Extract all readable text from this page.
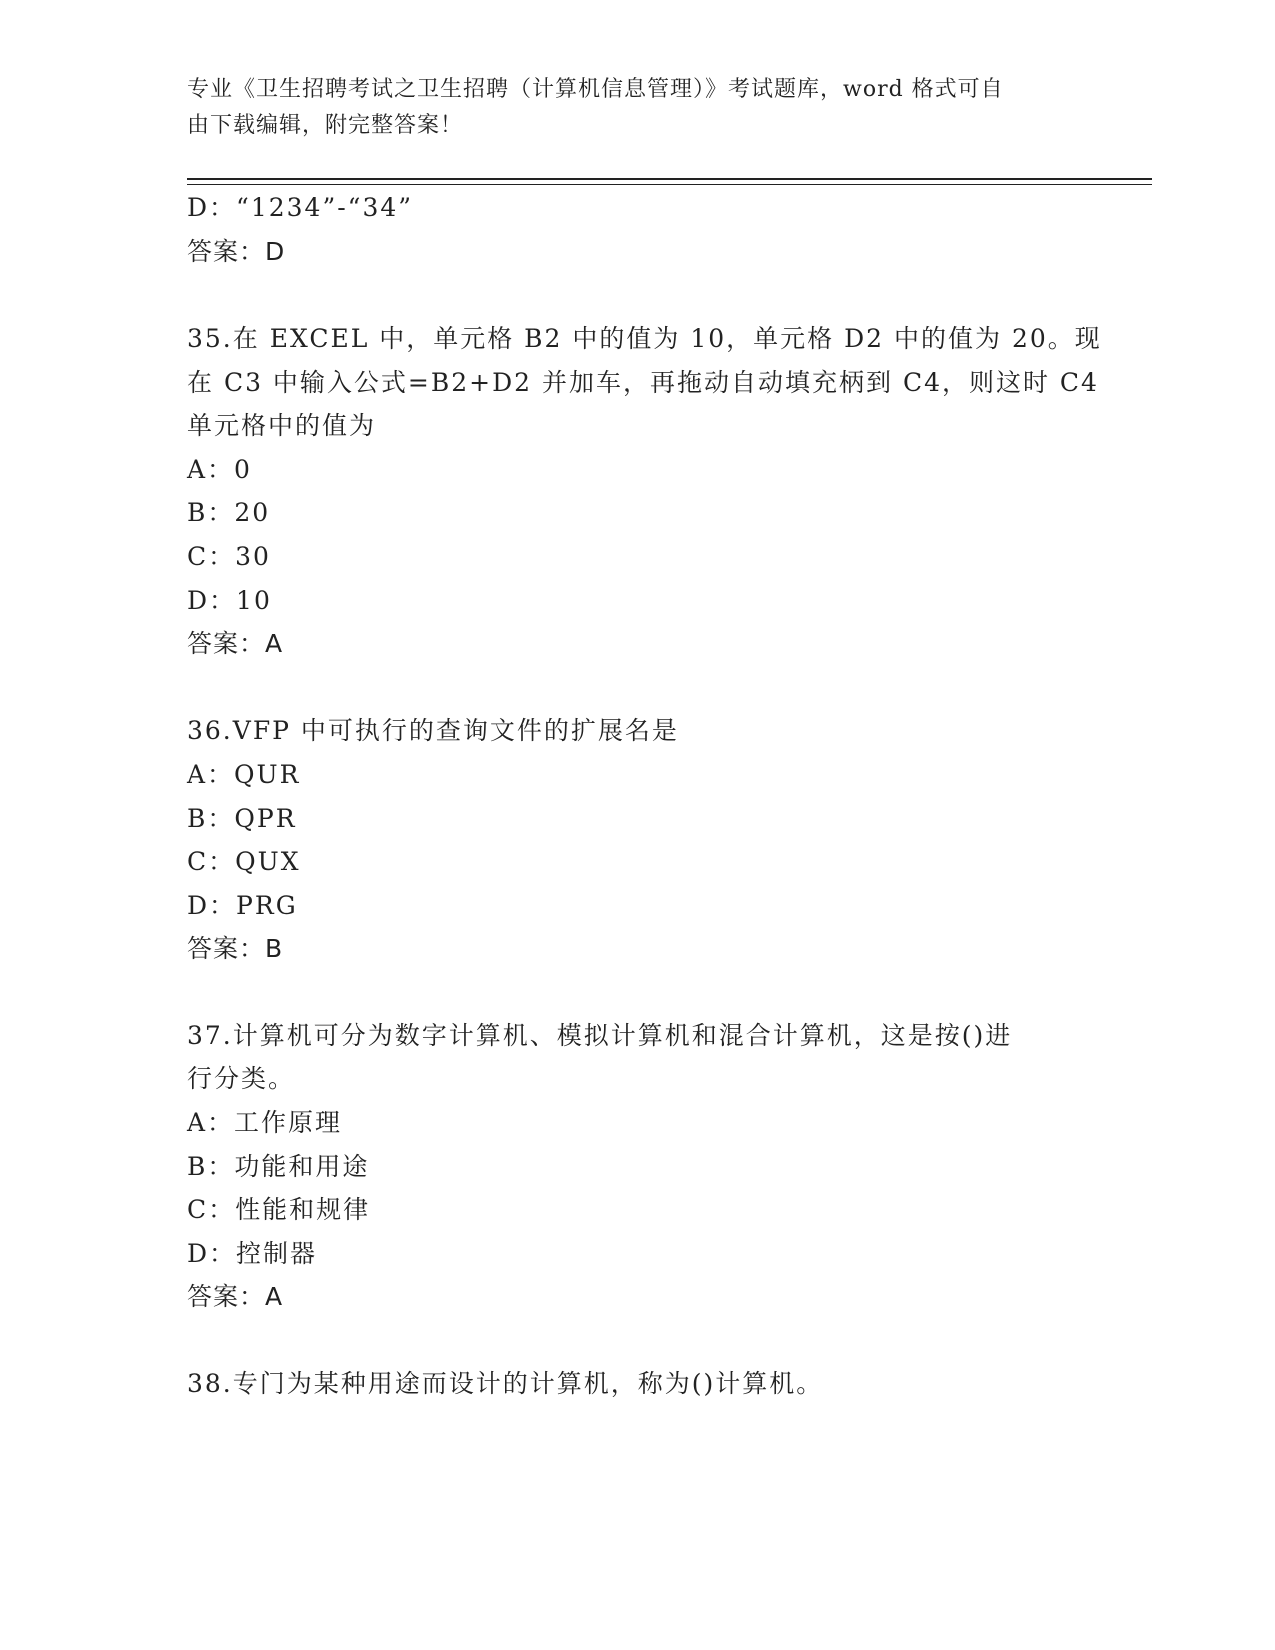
专业《卫生招聘考试之卫生招聘（计算机信息管理）》考试题库，word 格式可自
由下载编辑，附完整答案！
D：“1234”-“34”
答案：D
35.在 EXCEL 中，单元格 B2 中的值为 10，单元格 D2 中的值为 20。现
在 C3 中输入公式=B2+D2 并加车，再拖动自动填充柄到 C4，则这时 C4
单元格中的值为
A：0
B：20
C：30
D：10
答案：A
36.VFP 中可执行的查询文件的扩展名是
A：QUR
B：QPR
C：QUX
D：PRG
答案：B
37.计算机可分为数字计算机、模拟计算机和混合计算机，这是按()进
行分类。
A：工作原理
B：功能和用途
C：性能和规律
D：控制器
答案：A
38.专门为某种用途而设计的计算机，称为()计算机。
